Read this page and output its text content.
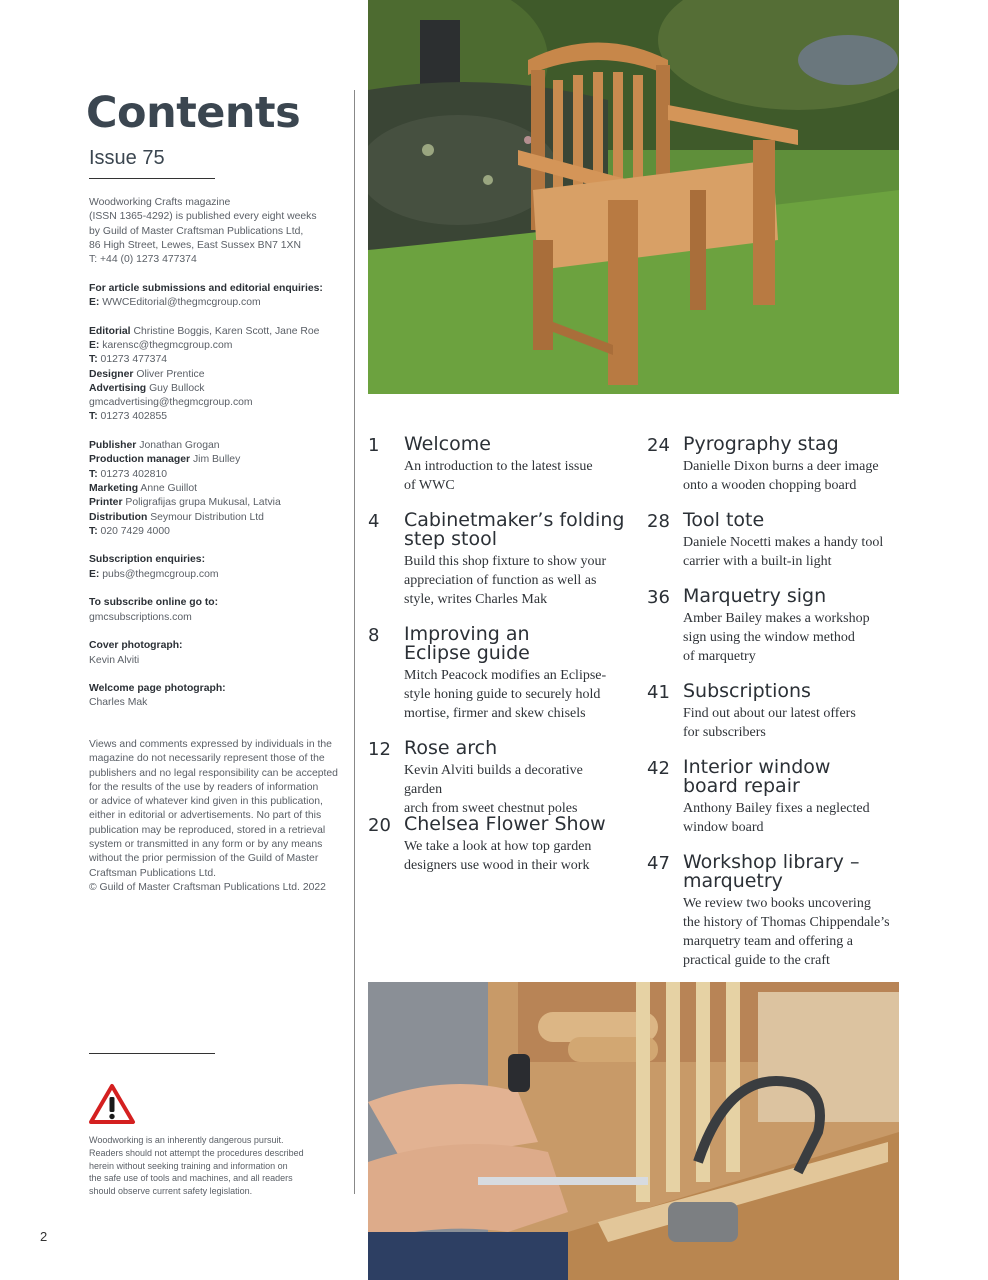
Contents
Issue 75

Woodworking Crafts magazine
(ISSN 1365-4292) is published every eight weeks
by Guild of Master Craftsman Publications Ltd,
86 High Street, Lewes, East Sussex BN7 1XN
T: +44 (0) 1273 477374

For article submissions and editorial enquiries:
E: WWCEditorial@thegmcgroup.com

Editorial Christine Boggis, Karen Scott, Jane Roe
E: karensc@thegmcgroup.com
T: 01273 477374
Designer Oliver Prentice
Advertising Guy Bullock
gmcadvertising@thegmcgroup.com
T: 01273 402855

Publisher Jonathan Grogan
Production manager Jim Bulley
T: 01273 402810
Marketing Anne Guillot
Printer Poligrafijas grupa Mukusal, Latvia
Distribution Seymour Distribution Ltd
T: 020 7429 4000

Subscription enquiries:
E: pubs@thegmcgroup.com

To subscribe online go to:
gmcsubscriptions.com

Cover photograph:
Kevin Alviti

Welcome page photograph:
Charles Mak

Views and comments expressed by individuals in the
magazine do not necessarily represent those of the
publishers and no legal responsibility can be accepted
for the results of the use by readers of information
or advice of whatever kind given in this publication,
either in editorial or advertisements. No part of this
publication may be reproduced, stored in a retrieval
system or transmitted in any form or by any means
without the prior permission of the Guild of Master
Craftsman Publications Ltd.
© Guild of Master Craftsman Publications Ltd. 2022
Woodworking is an inherently dangerous pursuit.
Readers should not attempt the procedures described
herein without seeking training and information on
the safe use of tools and machines, and all readers
should observe current safety legislation.
2
1 Welcome
An introduction to the latest issue
of WWC
4 Cabinetmaker’s folding
step stool
Build this shop fixture to show your
appreciation of function as well as
style, writes Charles Mak
8 Improving an
Eclipse guide
Mitch Peacock modifies an Eclipse-
style honing guide to securely hold
mortise, firmer and skew chisels
12 Rose arch
Kevin Alviti builds a decorative garden
arch from sweet chestnut poles
20 Chelsea Flower Show
We take a look at how top garden
designers use wood in their work
24 Pyrography stag
Danielle Dixon burns a deer image
onto a wooden chopping board
28 Tool tote
Daniele Nocetti makes a handy tool
carrier with a built-in light
36 Marquetry sign
Amber Bailey makes a workshop
sign using the window method
of marquetry
41 Subscriptions
Find out about our latest offers
for subscribers
42 Interior window
board repair
Anthony Bailey fixes a neglected
window board
47 Workshop library –
marquetry
We review two books uncovering
the history of Thomas Chippendale’s
marquetry team and offering a
practical guide to the craft
